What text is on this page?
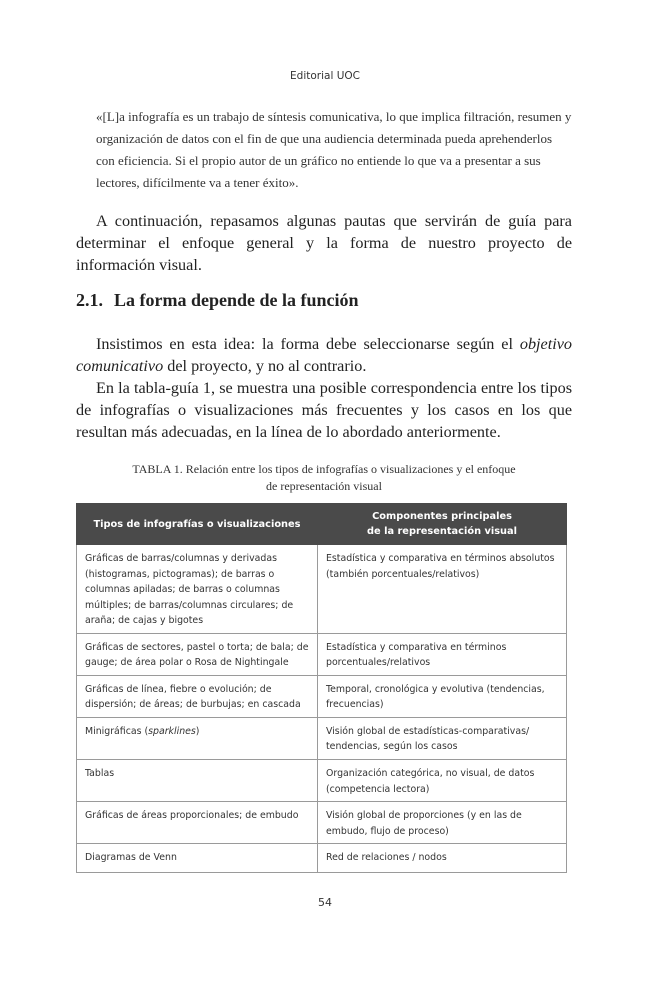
Editorial UOC
«[L]a infografía es un trabajo de síntesis comunicativa, lo que implica filtración, resumen y organización de datos con el fin de que una audiencia determinada pueda aprehenderlos con eficiencia. Si el propio autor de un gráfico no entiende lo que va a presentar a sus lectores, difícilmente va a tener éxito».

A continuación, repasamos algunas pautas que servirán de guía para determinar el enfoque general y la forma de nuestro proyecto de información visual.

2.1. La forma depende de la función

Insistimos en esta idea: la forma debe seleccionarse según el objetivo comunicativo del proyecto, y no al contrario.

En la tabla-guía 1, se muestra una posible correspondencia entre los tipos de infografías o visualizaciones más frecuentes y los casos en los que resultan más adecuadas, en la línea de lo abordado anteriormente.

TABLA 1. Relación entre los tipos de infografías o visualizaciones y el enfoque
de representación visual
Tipos de infografías o visualizaciones	Componentes principales
de la representación visual

Gráficas de barras/columnas y derivadas (histogramas, pictogramas); de barras o columnas apiladas; de barras o columnas múltiples; de barras/columnas circulares; de araña; de cajas y bigotes	Estadística y comparativa en términos absolutos (también porcentuales/relativos)
Gráficas de sectores, pastel o torta; de bala; de gauge; de área polar o Rosa de Nightingale	Estadística y comparativa en términos porcentuales/relativos
Gráficas de línea, fiebre o evolución; de dispersión; de áreas; de burbujas; en cascada	Temporal, cronológica y evolutiva (tendencias, frecuencias)
Minigráficas (sparklines)	Visión global de estadísticas-comparativas/ tendencias, según los casos
Tablas	Organización categórica, no visual, de datos (competencia lectora)
Gráficas de áreas proporcionales; de embudo	Visión global de proporciones (y en las de embudo, flujo de proceso)
Diagramas de Venn	Red de relaciones / nodos
54
